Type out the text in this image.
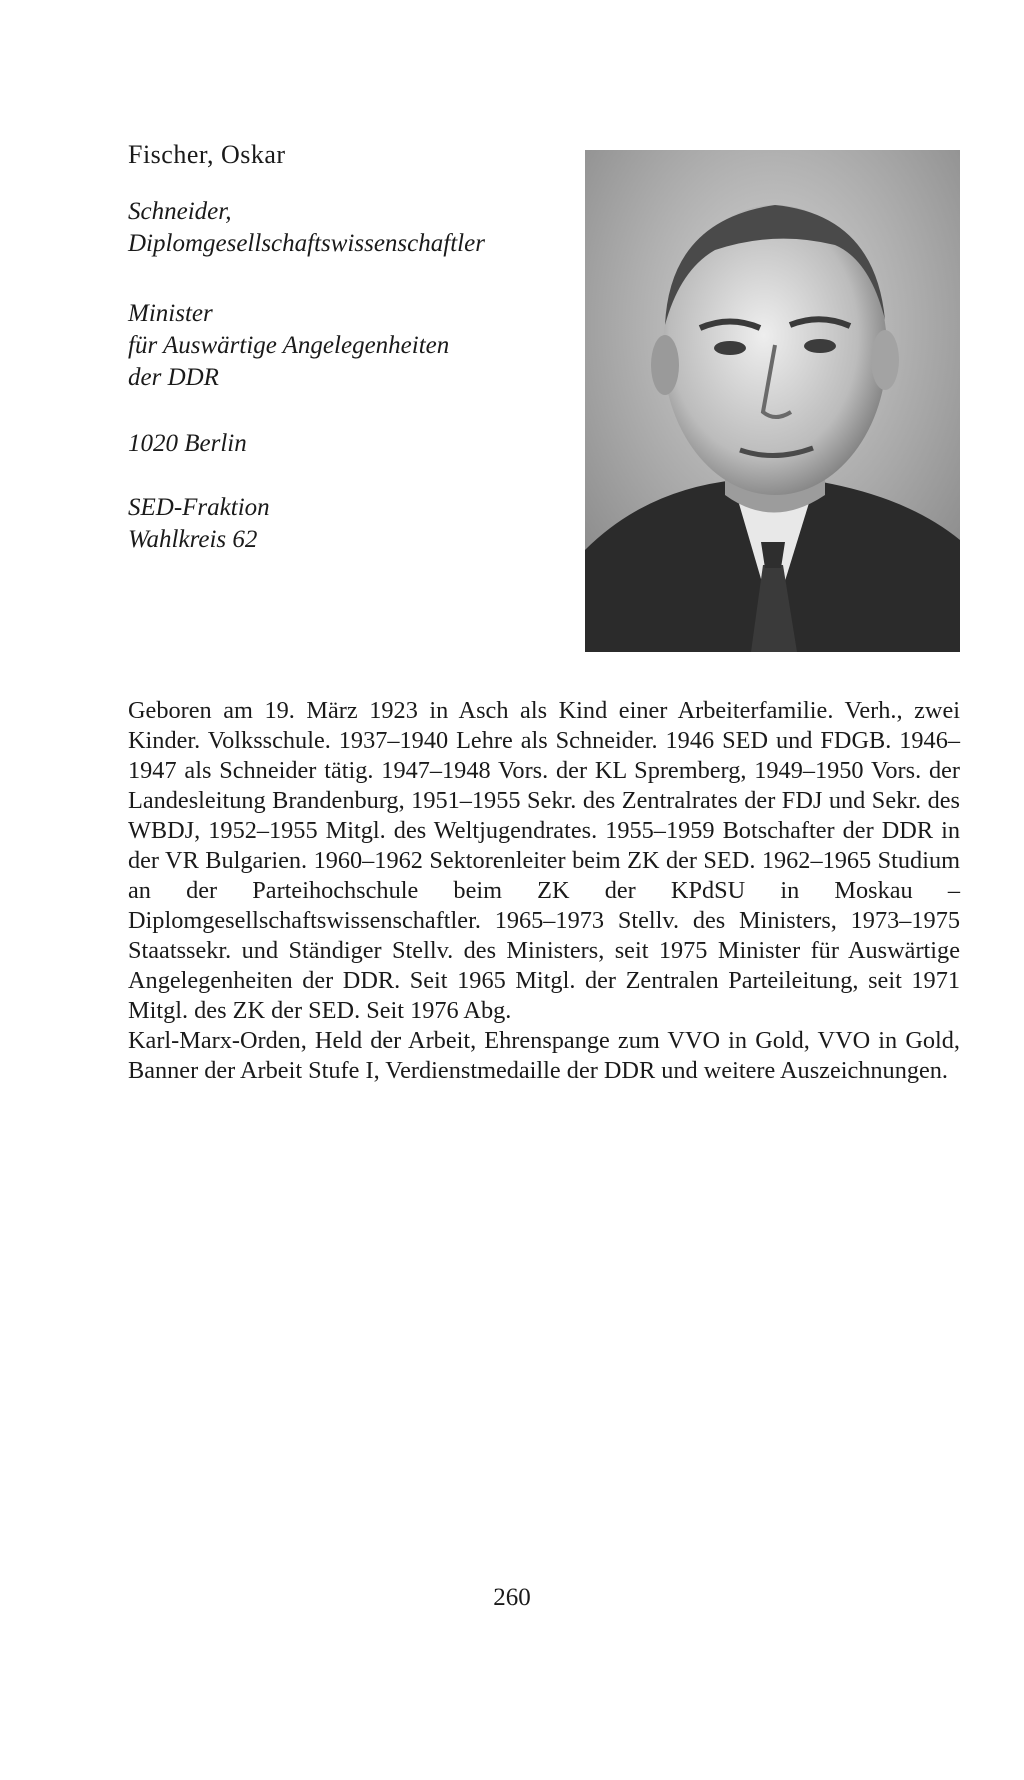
Fischer, Oskar
Schneider,
Diplomgesellschaftswissenschaftler
Minister
für Auswärtige Angelegenheiten
der DDR
1020 Berlin
SED-Fraktion
Wahlkreis 62

Geboren am 19. März 1923 in Asch als Kind einer Arbeiterfamilie. Verh., zwei Kinder. Volksschule. 1937–1940 Lehre als Schneider. 1946 SED und FDGB. 1946–1947 als Schneider tätig. 1947–1948 Vors. der KL Spremberg, 1949–1950 Vors. der Landesleitung Brandenburg, 1951–1955 Sekr. des Zentralrates der FDJ und Sekr. des WBDJ, 1952–1955 Mitgl. des Weltjugendrates. 1955–1959 Botschafter der DDR in der VR Bulgarien. 1960–1962 Sektorenleiter beim ZK der SED. 1962–1965 Studium an der Parteihochschule beim ZK der KPdSU in Moskau – Diplomgesellschaftswissenschaftler. 1965–1973 Stellv. des Ministers, 1973–1975 Staatssekr. und Ständiger Stellv. des Ministers, seit 1975 Minister für Auswärtige Angelegenheiten der DDR. Seit 1965 Mitgl. der Zentralen Parteileitung, seit 1971 Mitgl. des ZK der SED. Seit 1976 Abg.

Karl-Marx-Orden, Held der Arbeit, Ehrenspange zum VVO in Gold, VVO in Gold, Banner der Arbeit Stufe I, Verdienstmedaille der DDR und weitere Auszeichnungen.

260
